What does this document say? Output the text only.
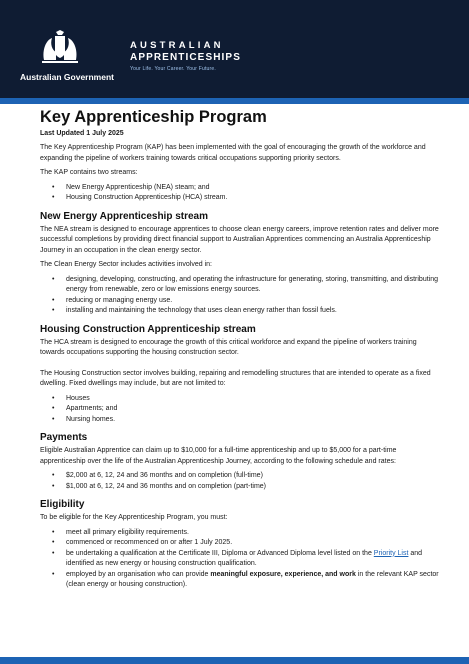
Australian Government
AUSTRALIAN
APPRENTICESHIPS
Your Life. Your Career. Your Future.
Key Apprenticeship Program
Last Updated 1 July 2025

The Key Apprenticeship Program (KAP) has been implemented with the goal of encouraging the growth of the workforce and expanding the pipeline of workers training towards critical occupations supporting priority sectors.

The KAP contains two streams:

• New Energy Apprenticeship (NEA) steam; and
• Housing Construction Apprenticeship (HCA) stream.
New Energy Apprenticeship stream

The NEA stream is designed to encourage apprentices to choose clean energy careers, improve retention rates and deliver more successful completions by providing direct financial support to Australian Apprentices commencing an Australia Apprenticeship Journey in an occupation in the clean energy sector.

The Clean Energy Sector includes activities involved in:

• designing, developing, constructing, and operating the infrastructure for generating, storing, transmitting, and distributing energy from renewable, zero or low emissions energy sources.
• reducing or managing energy use.
• installing and maintaining the technology that uses clean energy rather than fossil fuels.
Housing Construction Apprenticeship stream

The HCA stream is designed to encourage the growth of this critical workforce and expand the pipeline of workers training towards occupations supporting the housing construction sector.

The Housing Construction sector involves building, repairing and remodelling structures that are intended to operate as a fixed dwelling. Fixed dwellings may include, but are not limited to:

• Houses
• Apartments; and
• Nursing homes.
Payments

Eligible Australian Apprentice can claim up to $10,000 for a full-time apprenticeship and up to $5,000 for a part-time apprenticeship over the life of the Australian Apprenticeship Journey, according to the following schedule and rates:

• $2,000 at 6, 12, 24 and 36 months and on completion (full-time)
• $1,000 at 6, 12, 24 and 36 months and on completion (part-time)
Eligibility

To be eligible for the Key Apprenticeship Program, you must:

• meet all primary eligibility requirements.
• commenced or recommenced on or after 1 July 2025.
• be undertaking a qualification at the Certificate III, Diploma or Advanced Diploma level listed on the Priority List and identified as new energy or housing construction qualification.
• employed by an organisation who can provide meaningful exposure, experience, and work in the relevant KAP sector (clean energy or housing construction).
